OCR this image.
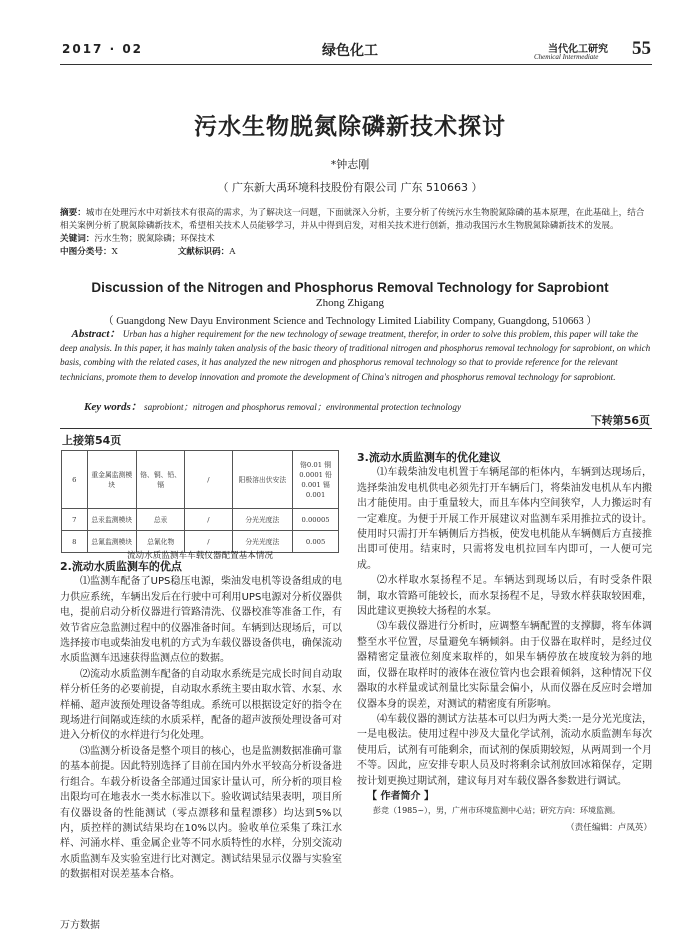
2017 · 02	绿色化工	当代化工研究
Chemical Intermediate 55
污水生物脱氮除磷新技术探讨
*钟志刚
（ 广东新大禹环境科技股份有限公司 广东 510663 ）
摘要：城市在处理污水中对新技术有很高的需求，为了解决这一问题，下面就深入分析，主要分析了传统污水生物脱氮除磷的基本原理，在此基础上，结合相关案例分析了脱氮除磷新技术，希望相关技术人员能够学习，并从中得到启发，对相关技术进行创新，推动我国污水生物脱氮除磷新技术的发展。
关键词：污水生物；脱氮除磷；环保技术
中图分类号：X	文献标识码：A
Discussion of the Nitrogen and Phosphorus Removal Technology for Saprobiont
Zhong Zhigang
（ Guangdong New Dayu Environment Science and Technology Limited Liability Company, Guangdong, 510663 ）
Abstract： Urban has a higher requirement for the new technology of sewage treatment, therefor, in order to solve this problem, this paper will take the deep analysis. In this paper, it has mainly taken analysis of the basic theory of traditional nitrogen and phosphorus removal technology for saprobiont, on which basis, combing with the related cases, it has analyzed the new nitrogen and phosphorus removal technology so that to provide reference for the relevant technicians, promote them to develop innovation and promote the development of China's nitrogen and phosphorus removal technology for saprobiont.
Key words： saprobiont；nitrogen and phosphorus removal；environmental protection technology
下转第56页
上接第54页
6	重金属监测模块	铬、铜、铅、镉	/	阳极溶出伏安法	铬0.01 铜0.0001 铅0.001 镉0.001
7	总汞监测模块	总汞	/	分光光度法	0.00005
8	总氰监测模块	总氰化物	/	分光光度法	0.005
流动水质监测车车载仪器配置基本情况
2.流动水质监测车的优点

⑴监测车配备了UPS稳压电源，柴油发电机等设备组成的电力供应系统，车辆出发后在行驶中可利用UPS电源对分析仪器供电，提前启动分析仪器进行管路清洗、仪器校准等准备工作，有效节省应急监测过程中的仪器准备时间。车辆到达现场后，可以选择接市电或柴油发电机的方式为车载仪器设备供电，确保流动水质监测车迅速获得监测点位的数据。

⑵流动水质监测车配备的自动取水系统是完成长时间自动取样分析任务的必要前提，自动取水系统主要由取水管、水泵、水样桶、超声波预处理设备等组成。系统可以根据设定好的指令在现场进行间隔或连续的水质采样，配备的超声波预处理设备可对进入分析仪的水样进行匀化处理。

⑶监测分析设备是整个项目的核心，也是监测数据准确可靠的基本前提。因此特别选择了目前在国内外水平较高分析设备进行组合。车载分析设备全部通过国家计量认可，所分析的项目检出限均可在地表水一类水标准以下。验收调试结果表明，项目所有仪器设备的性能测试（零点漂移和量程漂移）均达到5%以内，质控样的测试结果均在10%以内。验收单位采集了珠江水样、河涌水样、重金属企业等不同水质特性的水样，分别交流动水质监测车及实验室进行比对测定。测试结果显示仪器与实验室的数据相对误差基本合格。

3.流动水质监测车的优化建议

⑴车载柴油发电机置于车辆尾部的柜体内，车辆到达现场后，选择柴油发电机供电必须先打开车辆后门，将柴油发电机从车内搬出才能使用。由于重量较大，而且车体内空间狭窄，人力搬运时有一定难度。为便于开展工作开展建议对监测车采用推拉式的设计。使用时只需打开车辆侧后方挡板，使发电机能从车辆侧后方直接推出即可使用。结束时，只需将发电机拉回车内即可，一人便可完成。

⑵水样取水泵扬程不足。车辆达到现场以后，有时受条件限制，取水管路可能较长，而水泵扬程不足，导致水样获取较困难，因此建议更换较大扬程的水泵。

⑶车载仪器进行分析时，应调整车辆配置的支撑脚，将车体调整至水平位置，尽量避免车辆倾斜。由于仪器在取样时，是经过仪器精密定量液位刻度来取样的，如果车辆停放在坡度较为斜的地面，仪器在取样时的液体在液位管内也会跟着倾斜，这种情况下仪器取的水样量或试剂量比实际量会偏小，从而仪器在反应时会增加仪器本身的误差，对测试的精密度有所影响。

⑷车载仪器的测试方法基本可以归为两大类:一是分光光度法，一是电极法。使用过程中涉及大量化学试剂，流动水质监测车每次使用后，试剂有可能剩余，而试剂的保质期较短，从两周到一个月不等。因此，应安排专职人员及时将剩余试剂放回冰箱保存，定期按计划更换过期试剂，建议每月对车载仪器各参数进行调试。

【 作者简介 】
彭竞（1985~），男，广州市环境监测中心站；研究方向：环境监测。
（责任编辑：卢凤英）
万方数据
